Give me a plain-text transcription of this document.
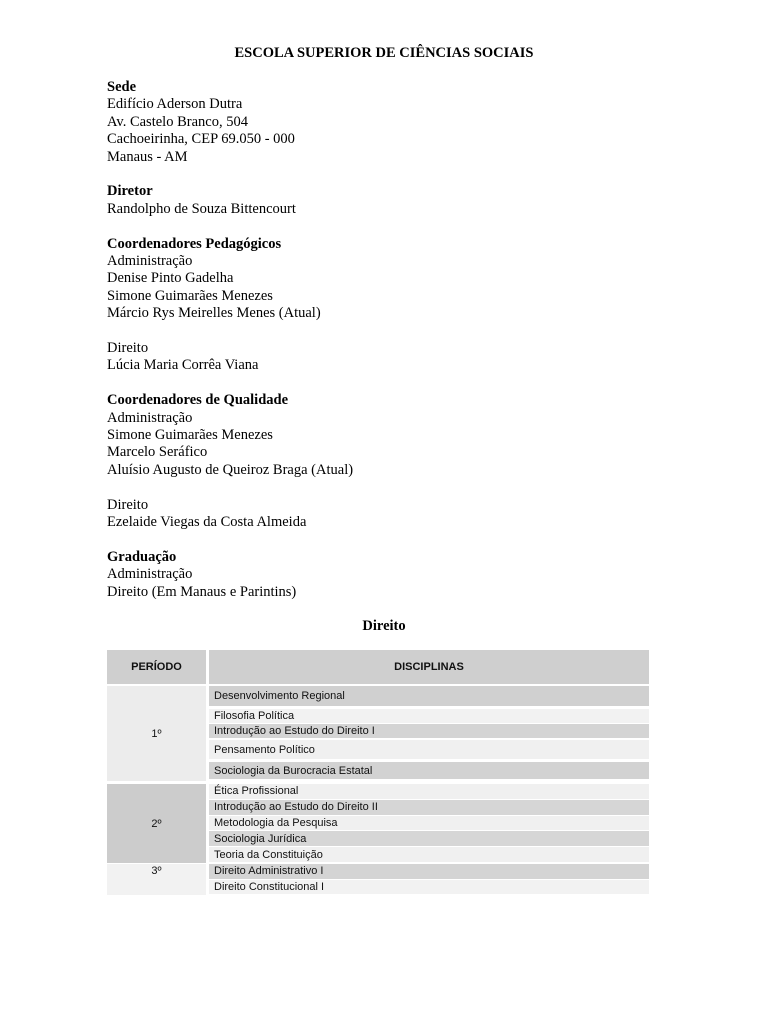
ESCOLA SUPERIOR DE CIÊNCIAS SOCIAIS
Sede
Edifício Aderson Dutra
Av. Castelo Branco, 504
Cachoeirinha, CEP 69.050 - 000
Manaus - AM
Diretor
Randolpho de Souza Bittencourt
Coordenadores Pedagógicos
Administração
Denise Pinto Gadelha
Simone Guimarães Menezes
Márcio Rys Meirelles Menes (Atual)
Direito
Lúcia Maria Corrêa Viana
Coordenadores de Qualidade
Administração
Simone Guimarães Menezes
Marcelo Seráfico
Aluísio Augusto de Queiroz Braga (Atual)
Direito
Ezelaide Viegas da Costa Almeida
Graduação
Administração
Direito (Em Manaus e Parintins)
Direito
PERÍODO	DISCIPLINAS
1º
Desenvolvimento Regional
Filosofia Política
Introdução ao Estudo do Direito I
Pensamento Político
Sociologia da Burocracia Estatal
2º
Ética Profissional
Introdução ao Estudo do Direito II
Metodologia da Pesquisa
Sociologia Jurídica
Teoria da Constituição
3º	Direito Administrativo I
Direito Constitucional I
